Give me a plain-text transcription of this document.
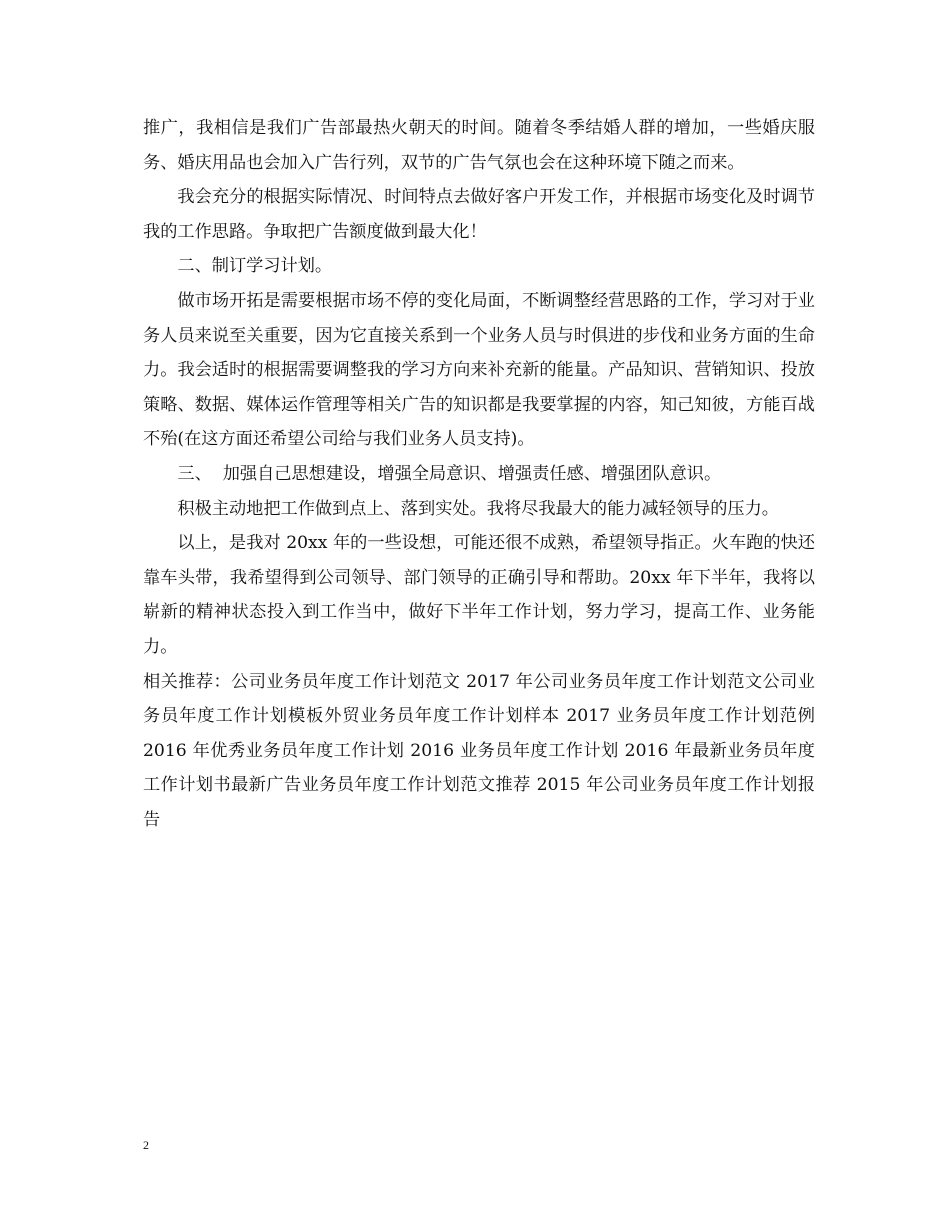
推广，我相信是我们广告部最热火朝天的时间。随着冬季结婚人群的增加，一些婚庆服务、婚庆用品也会加入广告行列，双节的广告气氛也会在这种环境下随之而来。

我会充分的根据实际情况、时间特点去做好客户开发工作，并根据市场变化及时调节我的工作思路。争取把广告额度做到最大化！

二、制订学习计划。

做市场开拓是需要根据市场不停的变化局面，不断调整经营思路的工作，学习对于业务人员来说至关重要，因为它直接关系到一个业务人员与时俱进的步伐和业务方面的生命力。我会适时的根据需要调整我的学习方向来补充新的能量。产品知识、营销知识、投放策略、数据、媒体运作管理等相关广告的知识都是我要掌握的内容，知己知彼，方能百战不殆(在这方面还希望公司给与我们业务人员支持)。

三、  加强自己思想建设，增强全局意识、增强责任感、增强团队意识。

积极主动地把工作做到点上、落到实处。我将尽我最大的能力减轻领导的压力。

以上，是我对 20xx 年的一些设想，可能还很不成熟，希望领导指正。火车跑的快还靠车头带，我希望得到公司领导、部门领导的正确引导和帮助。20xx 年下半年，我将以崭新的精神状态投入到工作当中，做好下半年工作计划，努力学习，提高工作、业务能力。

相关推荐：公司业务员年度工作计划范文 2017 年公司业务员年度工作计划范文公司业务员年度工作计划模板外贸业务员年度工作计划样本 2017 业务员年度工作计划范例 2016 年优秀业务员年度工作计划 2016 业务员年度工作计划 2016 年最新业务员年度工作计划书最新广告业务员年度工作计划范文推荐 2015 年公司业务员年度工作计划报告

2
